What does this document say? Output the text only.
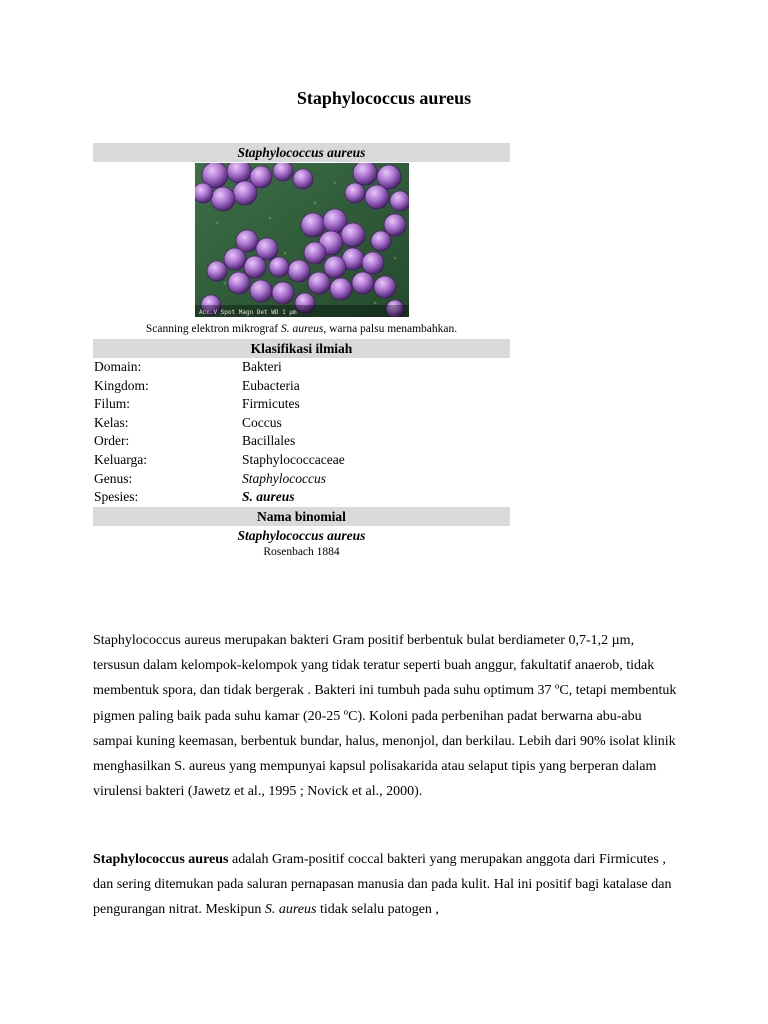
Staphylococcus aureus
Staphylococcus aureus
Acc.V Spot Magn Det WD 1 μm
Scanning elektron mikrograf S. aureus, warna palsu menambahkan.
Klasifikasi ilmiah
Domain:	Bakteri
Kingdom:	Eubacteria
Filum:	Firmicutes
Kelas:	Coccus
Order:	Bacillales
Keluarga:	Staphylococcaceae
Genus:	Staphylococcus
Spesies:	S. aureus
Nama binomial
Staphylococcus aureus
Rosenbach 1884
Staphylococcus aureus merupakan bakteri Gram positif berbentuk bulat berdiameter 0,7-1,2 µm, tersusun dalam kelompok-kelompok yang tidak teratur seperti buah anggur, fakultatif anaerob, tidak membentuk spora, dan tidak bergerak . Bakteri ini tumbuh pada suhu optimum 37 ºC, tetapi membentuk pigmen paling baik pada suhu kamar (20-25 ºC). Koloni pada perbenihan padat berwarna abu-abu sampai kuning keemasan, berbentuk bundar, halus, menonjol, dan berkilau. Lebih dari 90% isolat klinik menghasilkan S. aureus yang mempunyai kapsul polisakarida atau selaput tipis yang berperan dalam virulensi bakteri (Jawetz et al., 1995 ; Novick et al., 2000).
Staphylococcus aureus adalah Gram-positif coccal bakteri yang merupakan anggota dari Firmicutes , dan sering ditemukan pada saluran pernapasan manusia dan pada kulit. Hal ini positif bagi katalase dan pengurangan nitrat. Meskipun S. aureus tidak selalu patogen ,
